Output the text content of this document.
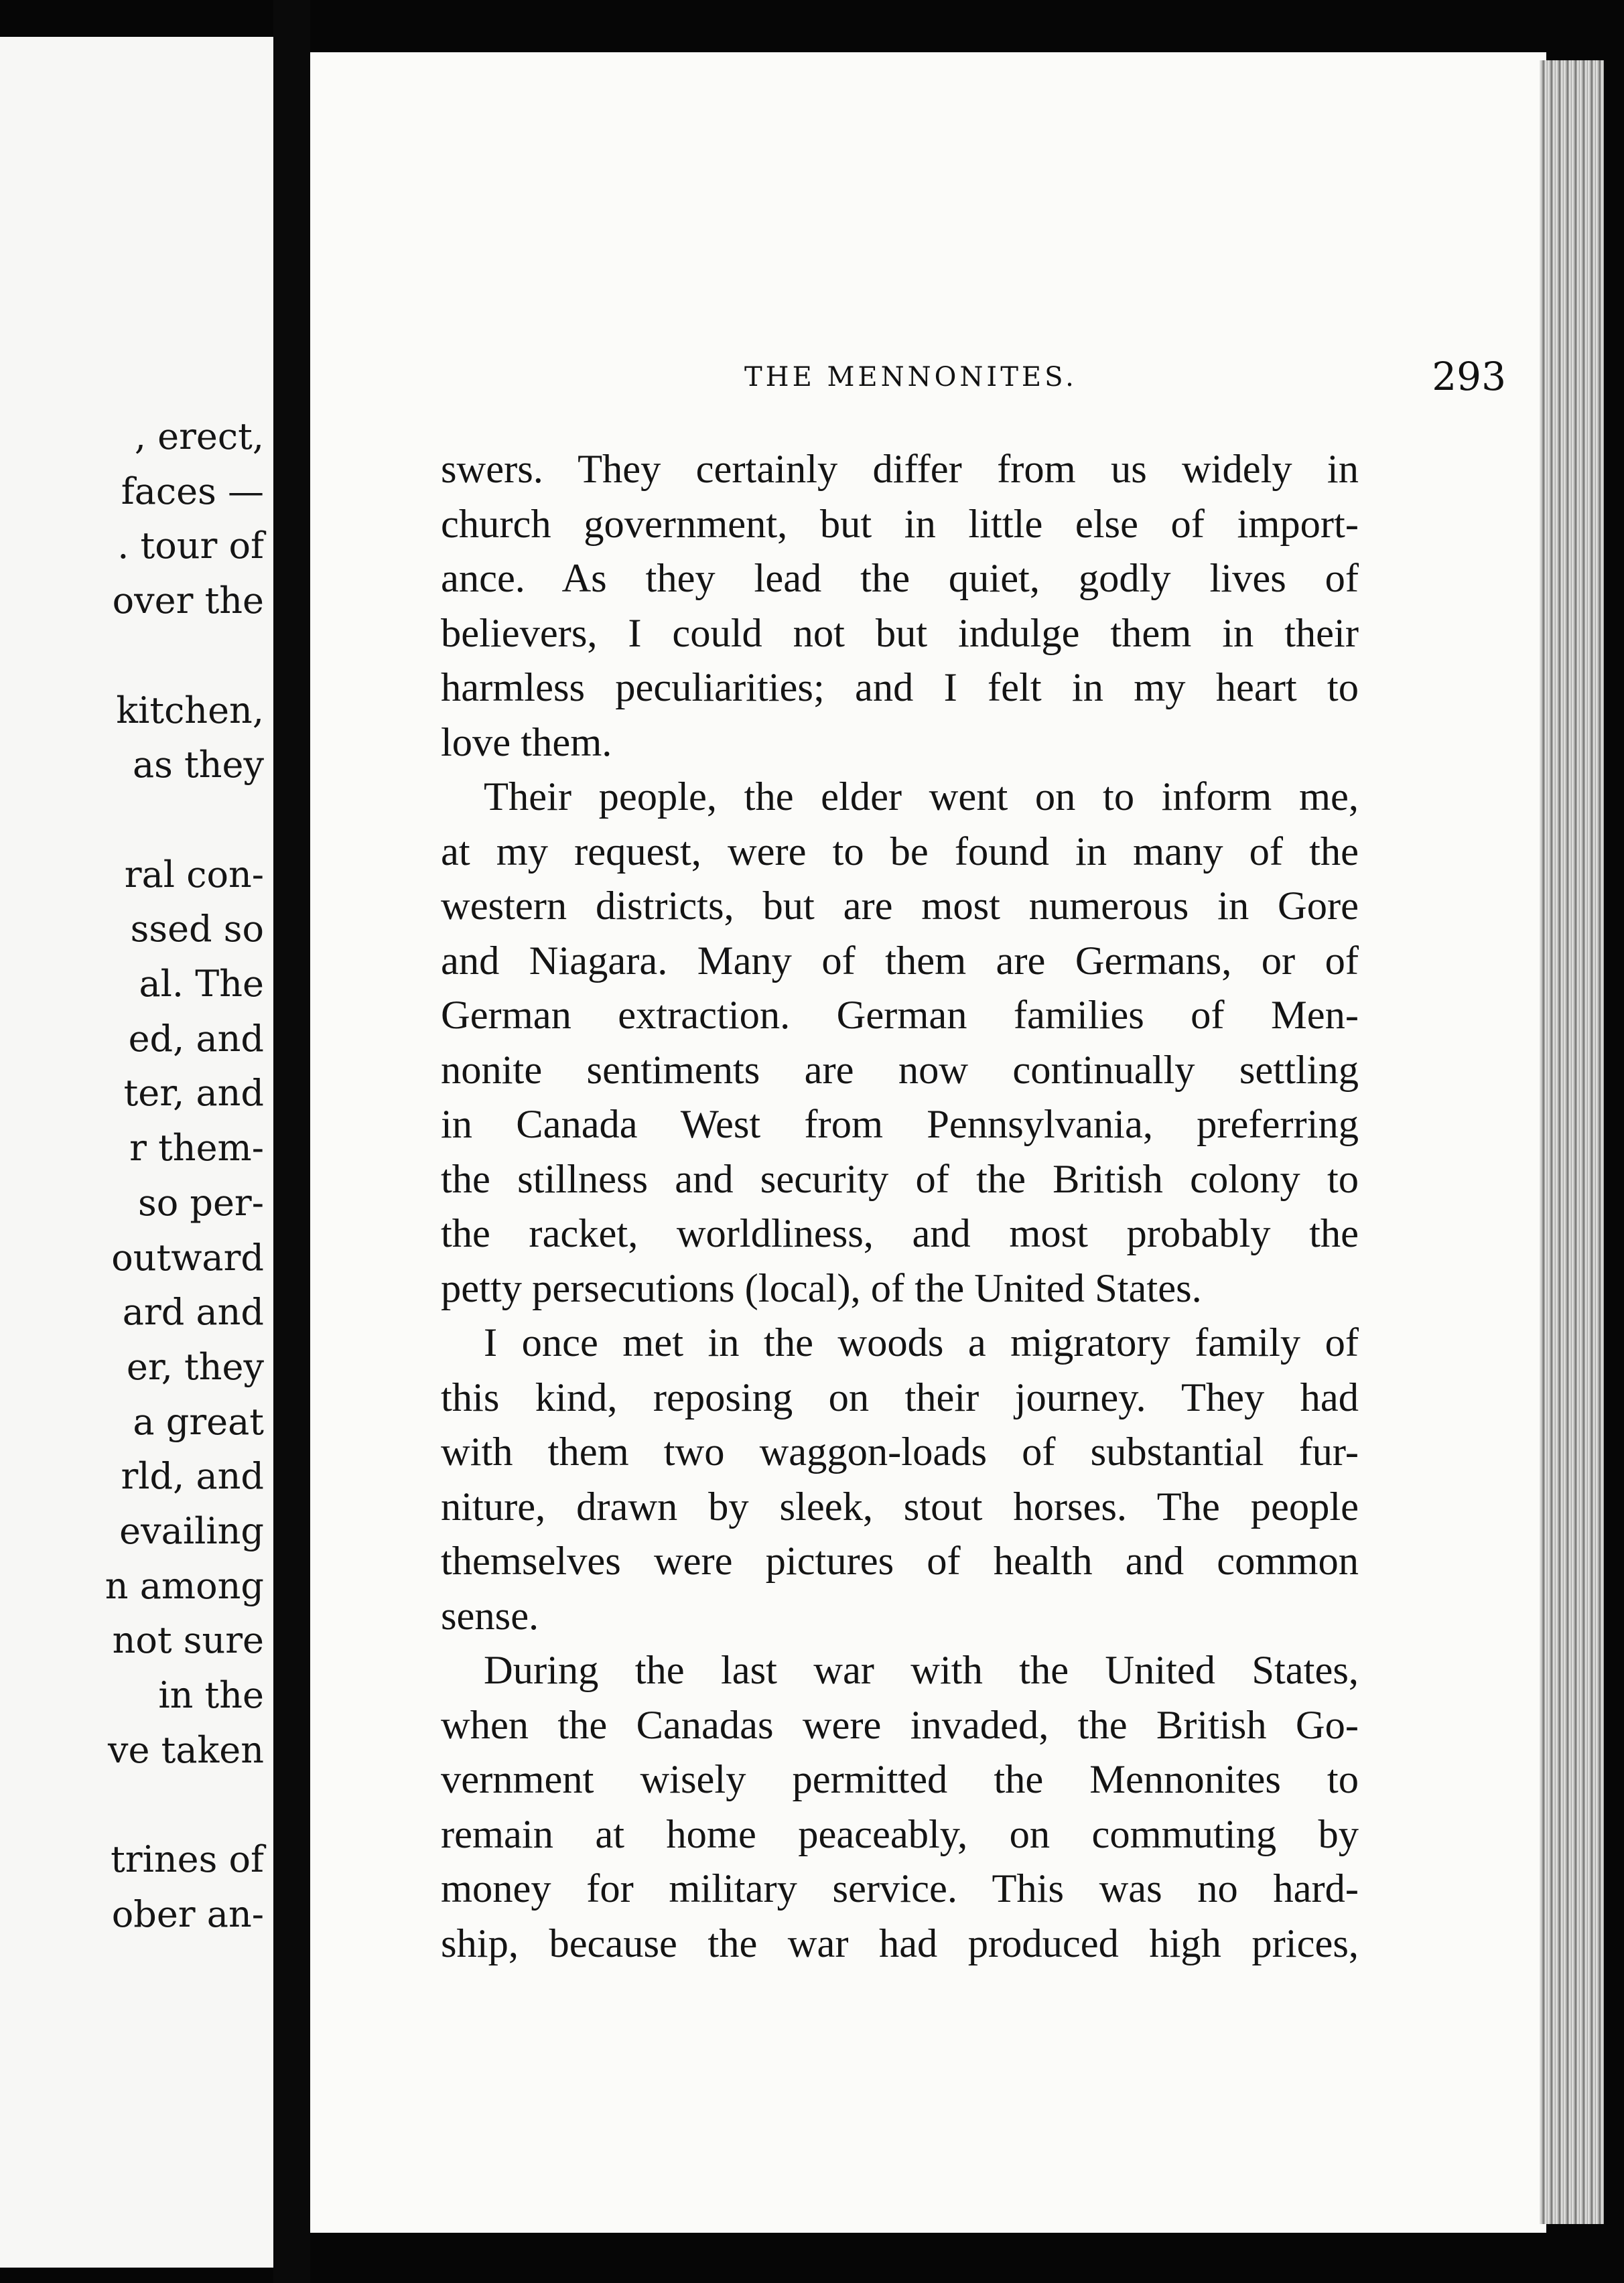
, erect,
faces —
. tour of
over the
kitchen,
as they
ral con-
ssed so
al. The
ed, and
ter, and
r them-
so per-
outward
ard and
er, they
a great
rld, and
evailing
n among
not sure
in the
ve taken
trines of
ober an-
THE MENNONITES.	293
swers. They certainly differ from us widely in
church government, but in little else of import-
ance. As they lead the quiet, godly lives of
believers, I could not but indulge them in their
harmless peculiarities; and I felt in my heart to
love them.
Their people, the elder went on to inform me,
at my request, were to be found in many of the
western districts, but are most numerous in Gore
and Niagara. Many of them are Germans, or of
German extraction. German families of Men-
nonite sentiments are now continually settling
in Canada West from Pennsylvania, preferring
the stillness and security of the British colony to
the racket, worldliness, and most probably the
petty persecutions (local), of the United States.
I once met in the woods a migratory family of
this kind, reposing on their journey. They had
with them two waggon-loads of substantial fur-
niture, drawn by sleek, stout horses. The people
themselves were pictures of health and common
sense.
During the last war with the United States,
when the Canadas were invaded, the British Go-
vernment wisely permitted the Mennonites to
remain at home peaceably, on commuting by
money for military service. This was no hard-
ship, because the war had produced high prices,
